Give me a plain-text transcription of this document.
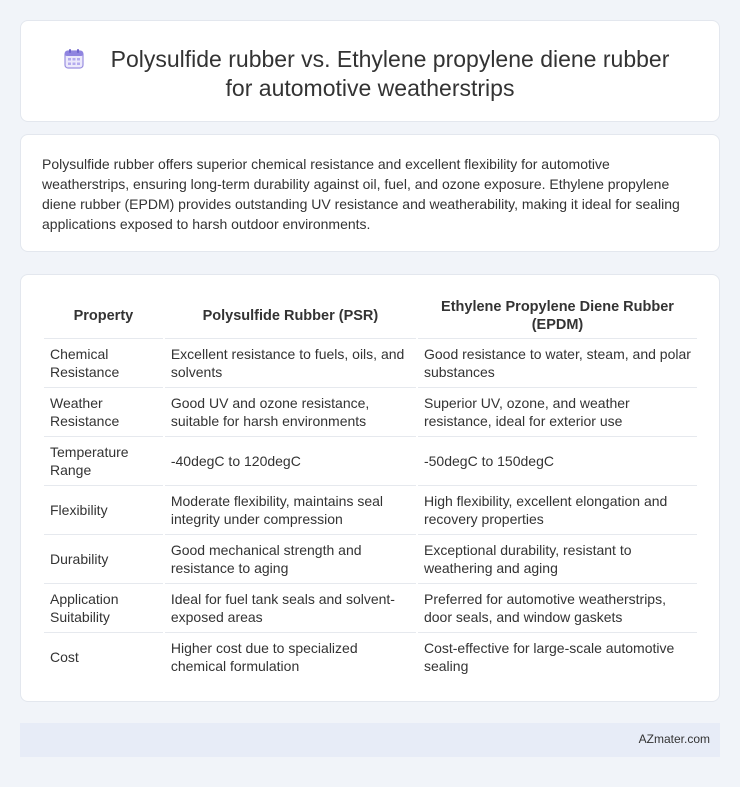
Polysulfide rubber vs. Ethylene propylene diene rubber
for automotive weatherstrips

Polysulfide rubber offers superior chemical resistance and excellent flexibility for automotive weatherstrips, ensuring long-term durability against oil, fuel, and ozone exposure. Ethylene propylene diene rubber (EPDM) provides outstanding UV resistance and weatherability, making it ideal for sealing applications exposed to harsh outdoor environments.

Property	Polysulfide Rubber (PSR)	Ethylene Propylene Diene Rubber (EPDM)
Chemical Resistance	Excellent resistance to fuels, oils, and solvents	Good resistance to water, steam, and polar substances
Weather Resistance	Good UV and ozone resistance, suitable for harsh environments	Superior UV, ozone, and weather resistance, ideal for exterior use
Temperature Range	-40degC to 120degC	-50degC to 150degC
Flexibility	Moderate flexibility, maintains seal integrity under compression	High flexibility, excellent elongation and recovery properties
Durability	Good mechanical strength and resistance to aging	Exceptional durability, resistant to weathering and aging
Application Suitability	Ideal for fuel tank seals and solvent-exposed areas	Preferred for automotive weatherstrips, door seals, and window gaskets
Cost	Higher cost due to specialized chemical formulation	Cost-effective for large-scale automotive sealing
AZmater.com
